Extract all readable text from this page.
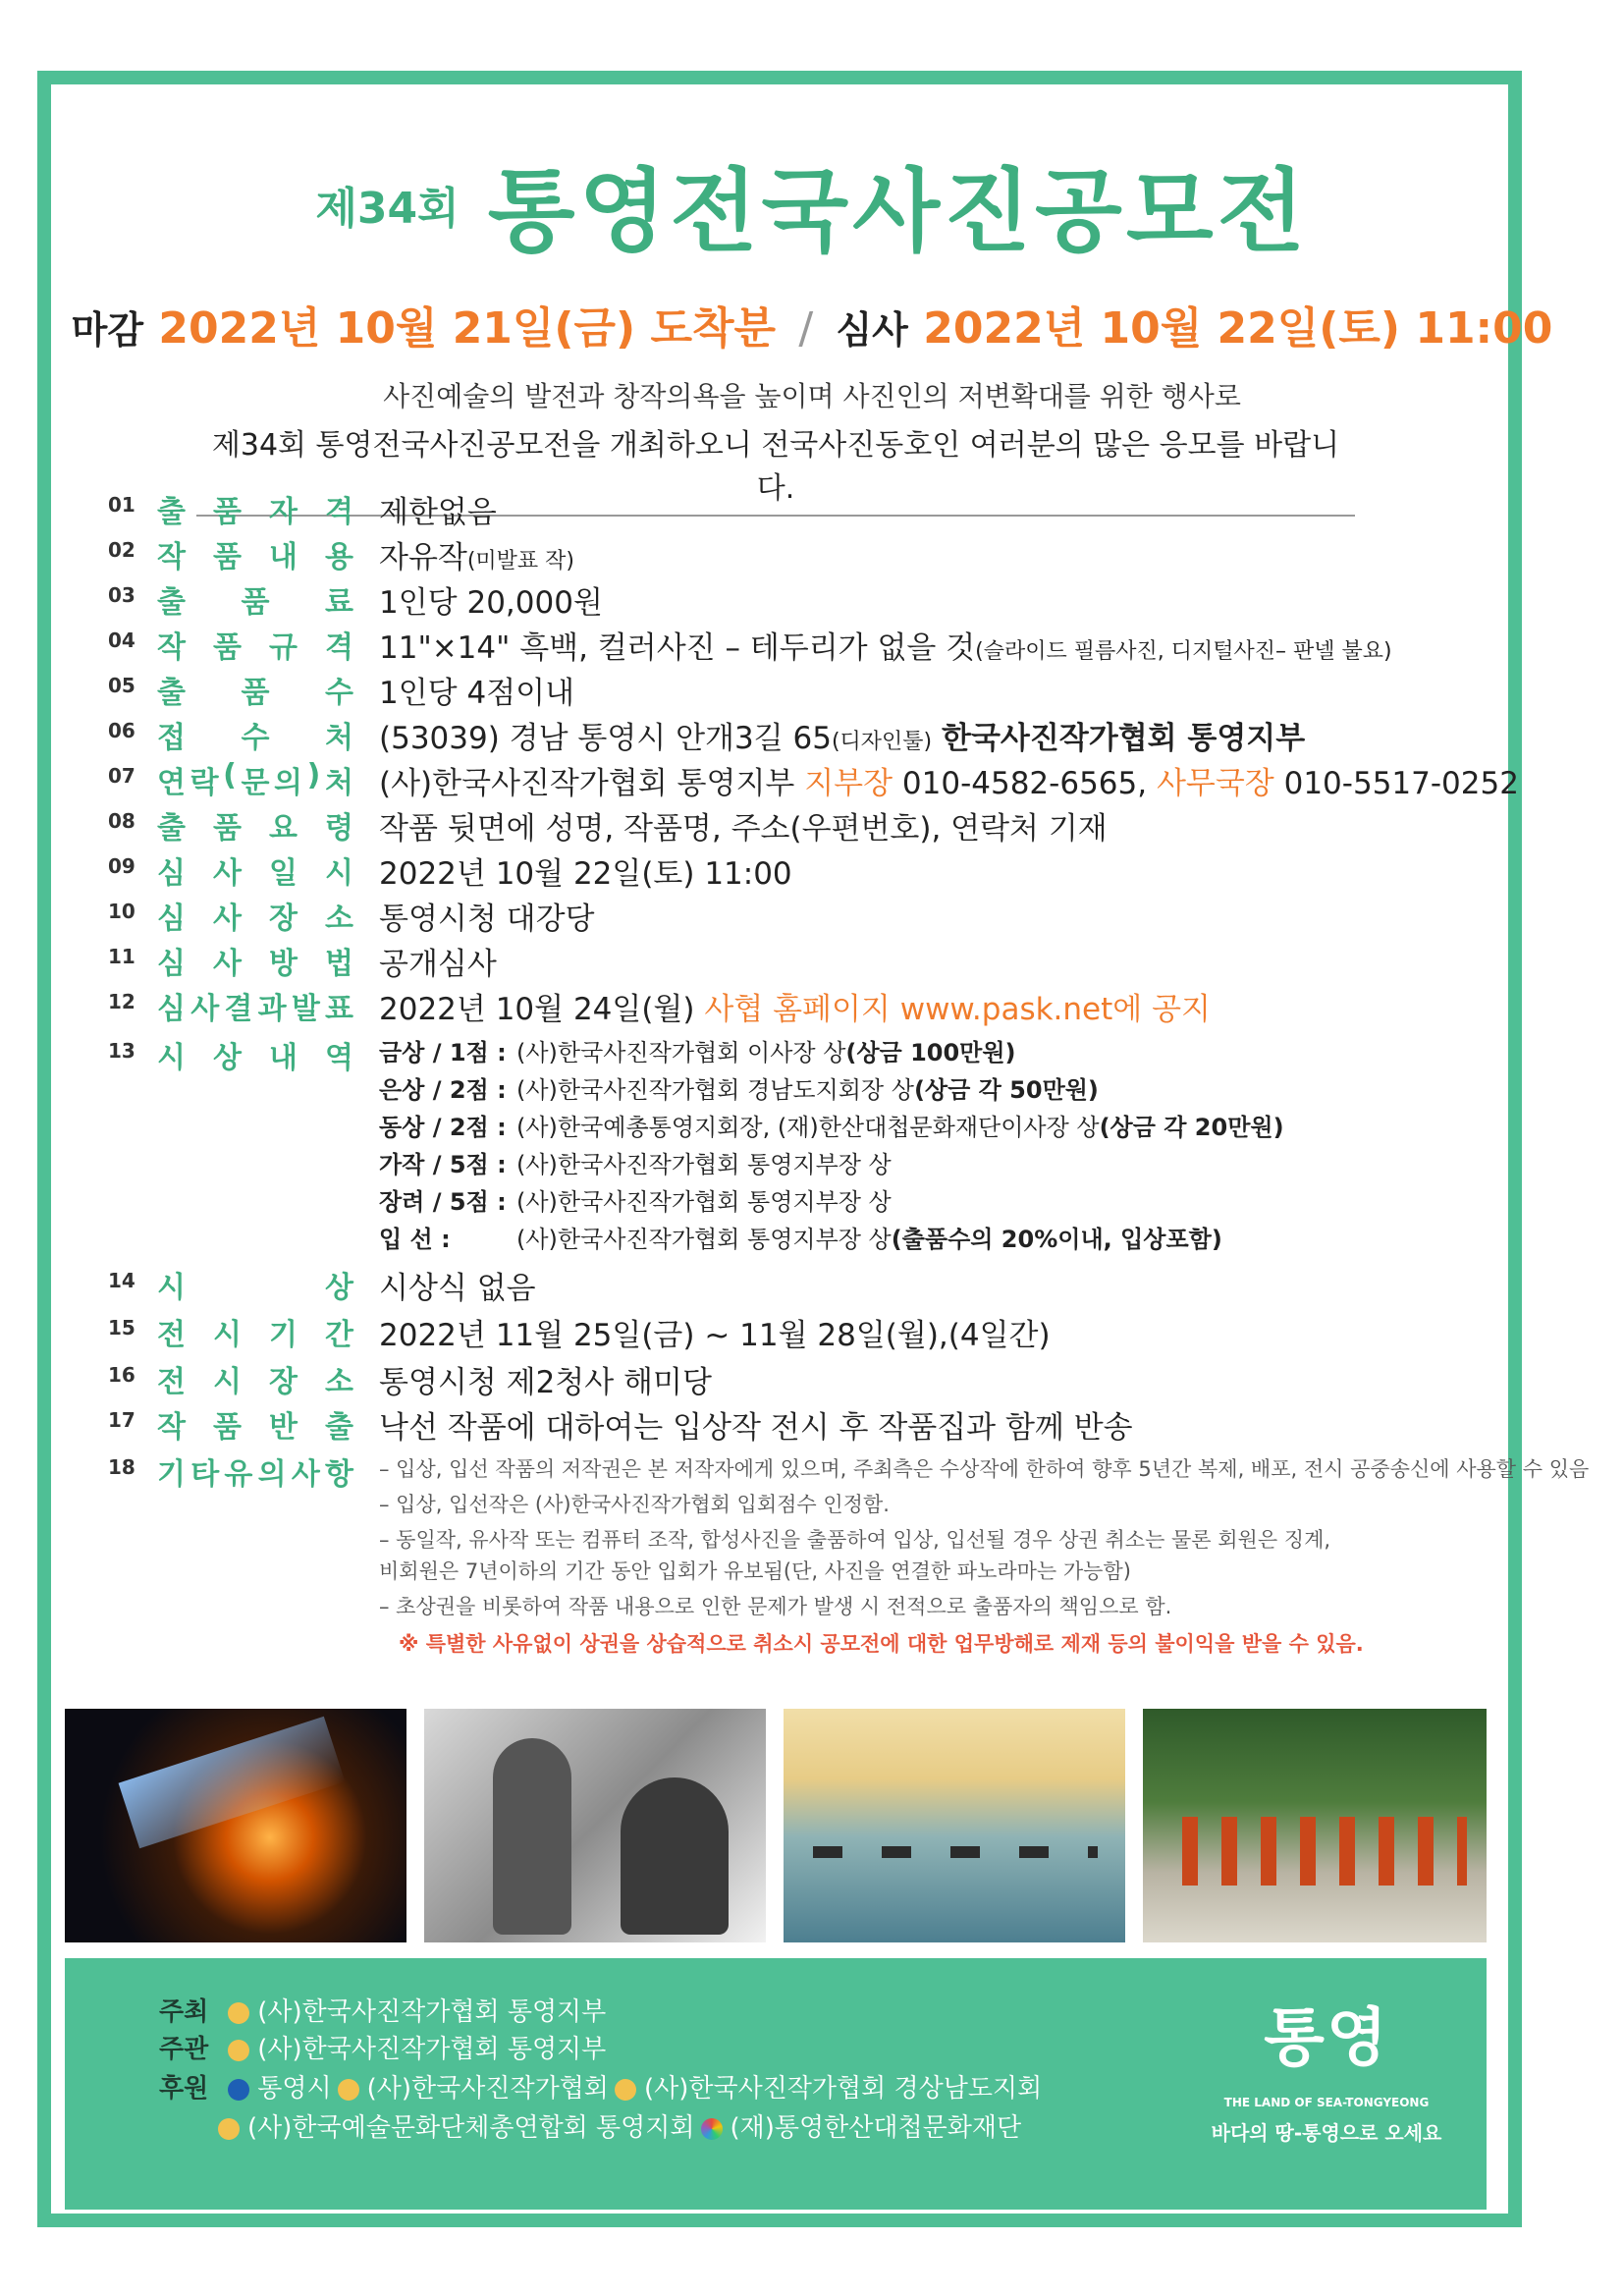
제34회 통영전국사진공모전
마감 2022년 10월 21일(금) 도착분 / 심사 2022년 10월 22일(토) 11:00
사진예술의 발전과 창작의욕을 높이며 사진인의 저변확대를 위한 행사로
제34회 통영전국사진공모전을 개최하오니 전국사진동호인 여러분의 많은 응모를 바랍니다.
01 출 품 자 격 제한없음
02 작 품 내 용 자유작(미발표 작)
03 출 품 료 1인당 20,000원
04 작 품 규 격 11"×14" 흑백, 컬러사진 – 테두리가 없을 것(슬라이드 필름사진, 디지털사진– 판넬 불요)
05 출 품 수 1인당 4점이내
06 접 수 처 (53039) 경남 통영시 안개3길 65(디자인툴) 한국사진작가협회 통영지부
07 연 락 ( 문 의 ) 처 (사)한국사진작가협회 통영지부 지부장 010-4582-6565, 사무국장 010-5517-0252
08 출 품 요 령 작품 뒷면에 성명, 작품명, 주소(우편번호), 연락처 기재
09 심 사 일 시 2022년 10월 22일(토) 11:00
10 심 사 장 소 통영시청 대강당
11 심 사 방 법 공개심사
12 심 사 결 과 발 표 2022년 10월 24일(월) 사협 홈페이지 www.pask.net에 공지
13 시 상 내 역 금상 / 1점 : (사)한국사진작가협회 이사장 상(상금 100만원)
은상 / 2점 : (사)한국사진작가협회 경남도지회장 상(상금 각 50만원)
동상 / 2점 : (사)한국예총통영지회장, (재)한산대첩문화재단이사장 상(상금 각 20만원)
가작 / 5점 : (사)한국사진작가협회 통영지부장 상
장려 / 5점 : (사)한국사진작가협회 통영지부장 상
입 선 :	(사)한국사진작가협회 통영지부장 상(출품수의 20%이내, 입상포함)
14 시	상 시상식 없음
15 전 시 기 간 2022년 11월 25일(금) ~ 11월 28일(월),(4일간)
16 전 시 장 소 통영시청 제2청사 해미당
17 작 품 반 출 낙선 작품에 대하여는 입상작 전시 후 작품집과 함께 반송
18 기 타 유 의 사 항 – 입상, 입선 작품의 저작권은 본 저작자에게 있으며, 주최측은 수상작에 한하여 향후 5년간 복제, 배포, 전시 공중송신에 사용할 수 있음
– 입상, 입선작은 (사)한국사진작가협회 입회점수 인정함.
– 동일작, 유사작 또는 컴퓨터 조작, 합성사진을 출품하여 입상, 입선될 경우 상권 취소는 물론 회원은 징계,
비회원은 7년이하의 기간 동안 입회가 유보됨(단, 사진을 연결한 파노라마는 가능함)
– 초상권을 비롯하여 작품 내용으로 인한 문제가 발생 시 전적으로 출품자의 책임으로 함.
※ 특별한 사유없이 상권을 상습적으로 취소시 공모전에 대한 업무방해로 제재 등의 불이익을 받을 수 있음.
주최 (사)한국사진작가협회 통영지부
주관 (사)한국사진작가협회 통영지부
후원 통영시 (사)한국사진작가협회 (사)한국사진작가협회 경상남도지회
(사)한국예술문화단체총연합회 통영지회 (재)통영한산대첩문화재단
통영
THE LAND OF SEA-TONGYEONG
바다의 땅-통영으로 오세요
